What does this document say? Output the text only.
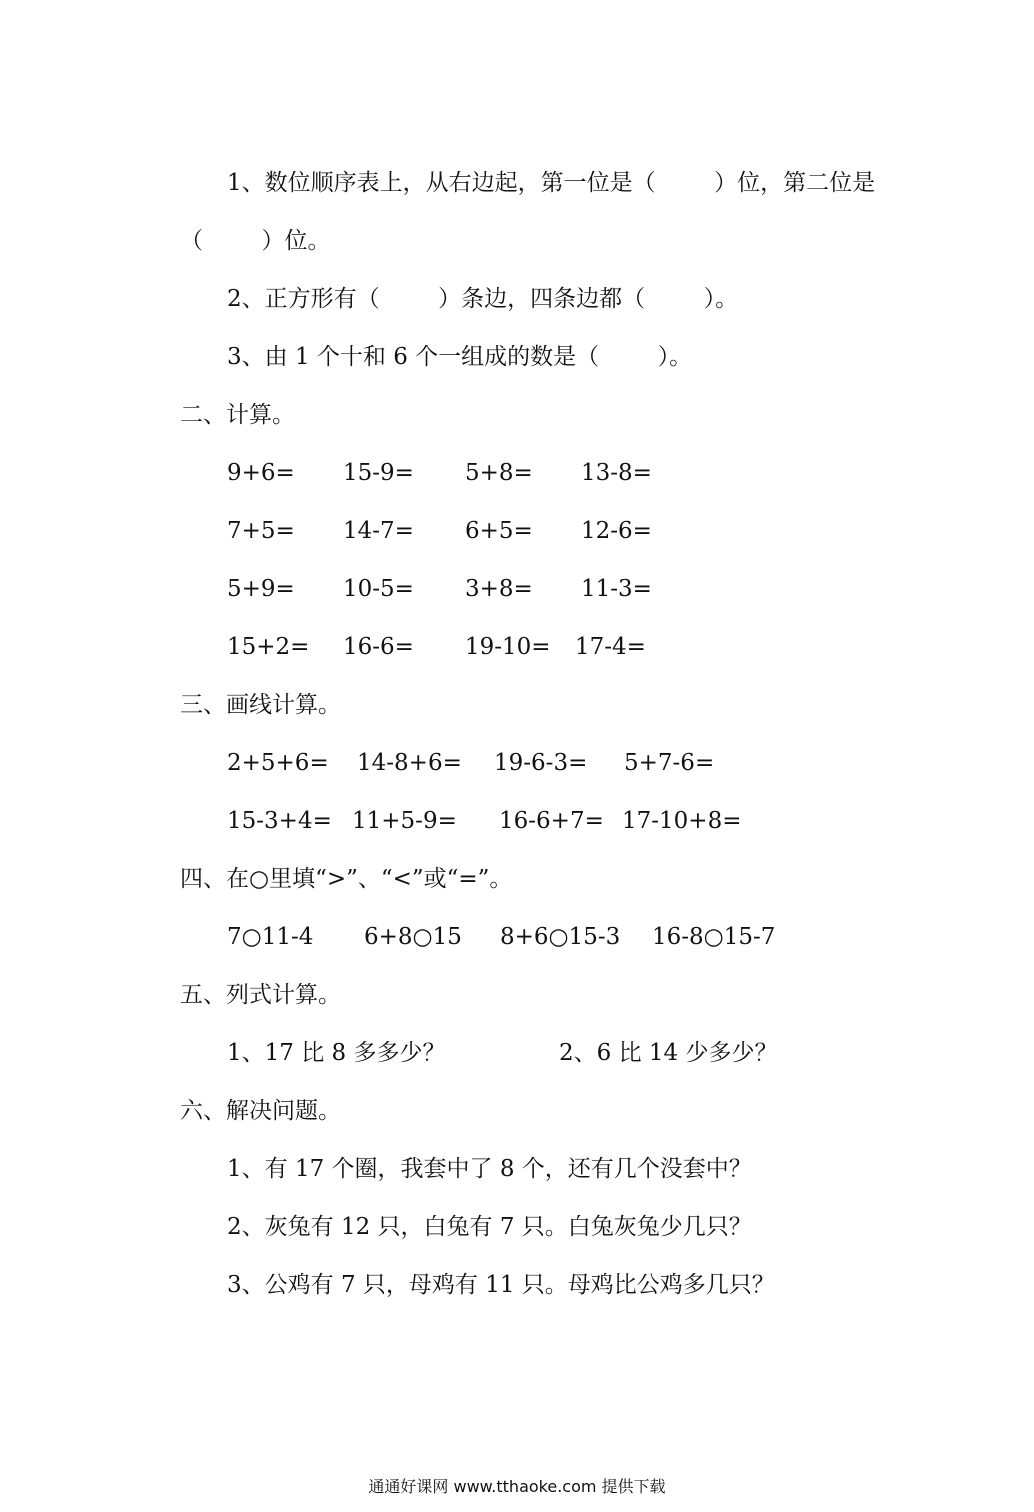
1、数位顺序表上，从右边起，第一位是（        ）位，第二位是
（        ）位。
2、正方形有（        ）条边，四条边都（        ）。
3、由 1 个十和 6 个一组成的数是（        ）。
二、计算。
9+6= 15-9= 5+8= 13-8=
7+5= 14-7= 6+5= 12-6=
5+9= 10-5= 3+8= 11-3=
15+2= 16-6= 19-10= 17-4=
三、画线计算。
2+5+6= 14-8+6= 19-6-3= 5+7-6=
15-3+4= 11+5-9= 16-6+7= 17-10+8=
四、在○里填“>”、“<”或“=”。
7○11-4 6+8○15 8+6○15-3 16-8○15-7
五、列式计算。
1、17 比 8 多多少？	2、6 比 14 少多少？
六、解决问题。
1、有 17 个圈，我套中了 8 个，还有几个没套中？
2、灰兔有 12 只，白兔有 7 只。白兔灰兔少几只？
3、公鸡有 7 只，母鸡有 11 只。母鸡比公鸡多几只？
通通好课网 www.tthaoke.com 提供下载
